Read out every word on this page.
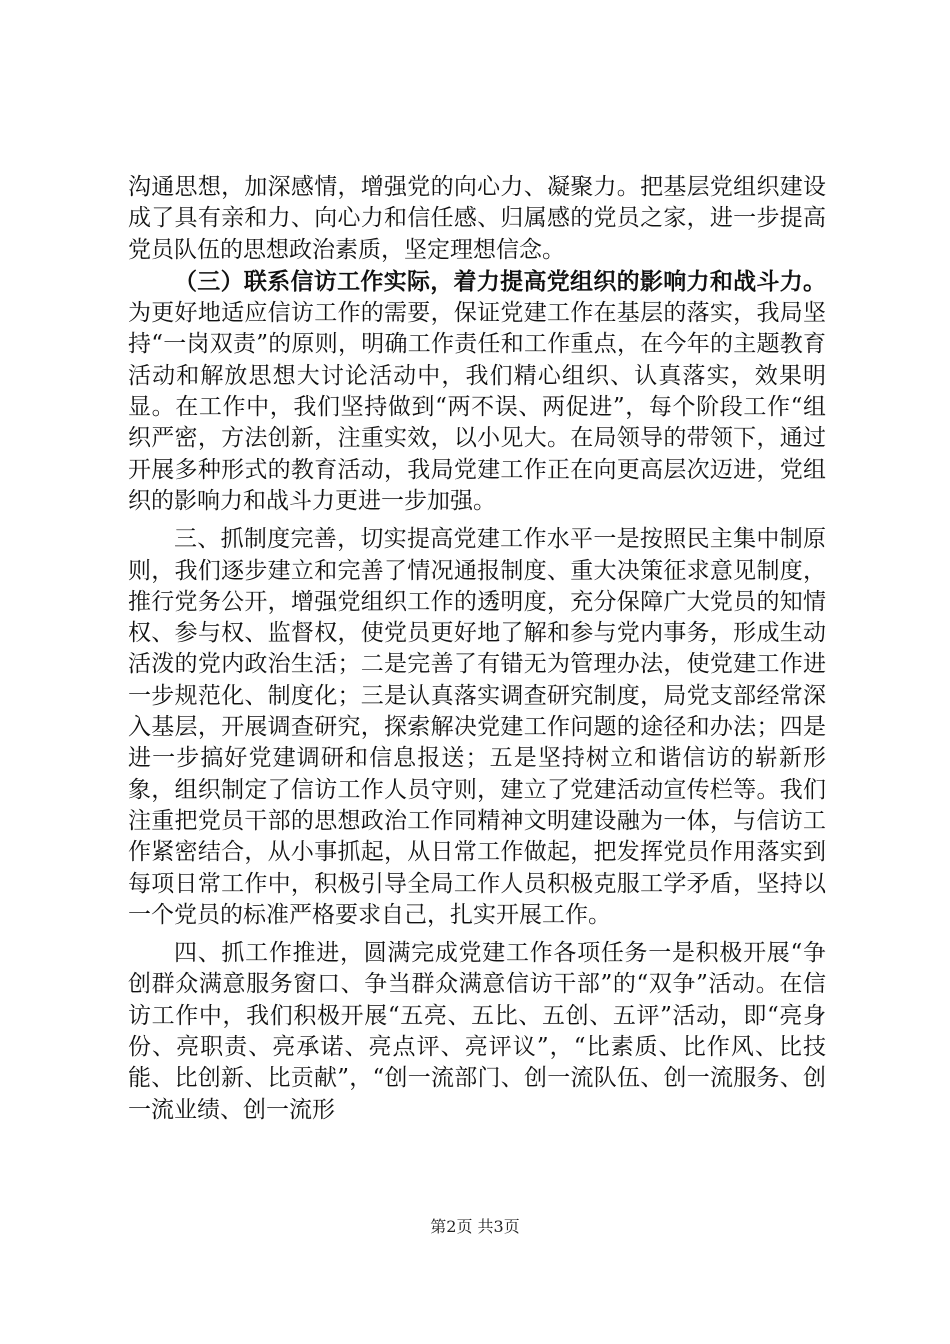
沟通思想，加深感情，增强党的向心力、凝聚力。把基层党组织建设成了具有亲和力、向心力和信任感、归属感的党员之家，进一步提高党员队伍的思想政治素质，坚定理想信念。

（三）联系信访工作实际，着力提高党组织的影响力和战斗力。为更好地适应信访工作的需要，保证党建工作在基层的落实，我局坚持“一岗双责”的原则，明确工作责任和工作重点，在今年的主题教育活动和解放思想大讨论活动中，我们精心组织、认真落实，效果明显。在工作中，我们坚持做到“两不误、两促进”，每个阶段工作“组织严密，方法创新，注重实效，以小见大。在局领导的带领下，通过开展多种形式的教育活动，我局党建工作正在向更高层次迈进，党组织的影响力和战斗力更进一步加强。

三、抓制度完善，切实提高党建工作水平一是按照民主集中制原则，我们逐步建立和完善了情况通报制度、重大决策征求意见制度，推行党务公开，增强党组织工作的透明度，充分保障广大党员的知情权、参与权、监督权，使党员更好地了解和参与党内事务，形成生动活泼的党内政治生活；二是完善了有错无为管理办法，使党建工作进一步规范化、制度化；三是认真落实调查研究制度，局党支部经常深入基层，开展调查研究，探索解决党建工作问题的途径和办法；四是进一步搞好党建调研和信息报送；五是坚持树立和谐信访的崭新形象，组织制定了信访工作人员守则，建立了党建活动宣传栏等。我们注重把党员干部的思想政治工作同精神文明建设融为一体，与信访工作紧密结合，从小事抓起，从日常工作做起，把发挥党员作用落实到每项日常工作中，积极引导全局工作人员积极克服工学矛盾，坚持以一个党员的标准严格要求自己，扎实开展工作。

四、抓工作推进，圆满完成党建工作各项任务一是积极开展“争创群众满意服务窗口、争当群众满意信访干部”的“双争”活动。在信访工作中，我们积极开展“五亮、五比、五创、五评”活动，即“亮身份、亮职责、亮承诺、亮点评、亮评议”，“比素质、比作风、比技能、比创新、比贡献”，“创一流部门、创一流队伍、创一流服务、创一流业绩、创一流形

第2页 共3页
